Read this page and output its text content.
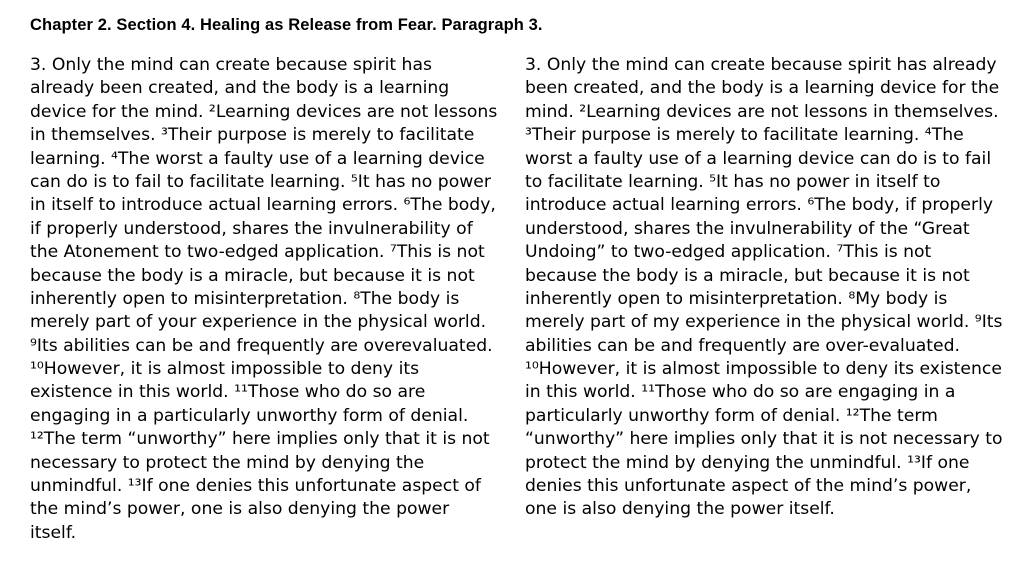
Chapter 2. Section 4. Healing as Release from Fear. Paragraph 3.

3. Only the mind can create because spirit has already been created, and the body is a learning device for the mind. ²Learning devices are not lessons in themselves. ³Their purpose is merely to facilitate learning. ⁴The worst a faulty use of a learning device can do is to fail to facilitate learning. ⁵It has no power in itself to introduce actual learning errors. ⁶The body, if properly understood, shares the invulnerability of the Atonement to two-edged application. ⁷This is not because the body is a miracle, but because it is not inherently open to misinterpretation. ⁸The body is merely part of your experience in the physical world. ⁹Its abilities can be and frequently are overevaluated. ¹⁰However, it is almost impossible to deny its existence in this world. ¹¹Those who do so are engaging in a particularly unworthy form of denial. ¹²The term “unworthy” here implies only that it is not necessary to protect the mind by denying the unmindful. ¹³If one denies this unfortunate aspect of the mind’s power, one is also denying the power itself.

3. Only the mind can create because spirit has already been created, and the body is a learning device for the mind. ²Learning devices are not lessons in themselves. ³Their purpose is merely to facilitate learning. ⁴The worst a faulty use of a learning device can do is to fail to facilitate learning. ⁵It has no power in itself to introduce actual learning errors. ⁶The body, if properly understood, shares the invulnerability of the “Great Undoing” to two-edged application. ⁷This is not because the body is a miracle, but because it is not inherently open to misinterpretation. ⁸My body is merely part of my experience in the physical world. ⁹Its abilities can be and frequently are over-evaluated. ¹⁰However, it is almost impossible to deny its existence in this world. ¹¹Those who do so are engaging in a particularly unworthy form of denial. ¹²The term “unworthy” here implies only that it is not necessary to protect the mind by denying the unmindful. ¹³If one denies this unfortunate aspect of the mind’s power, one is also denying the power itself.
